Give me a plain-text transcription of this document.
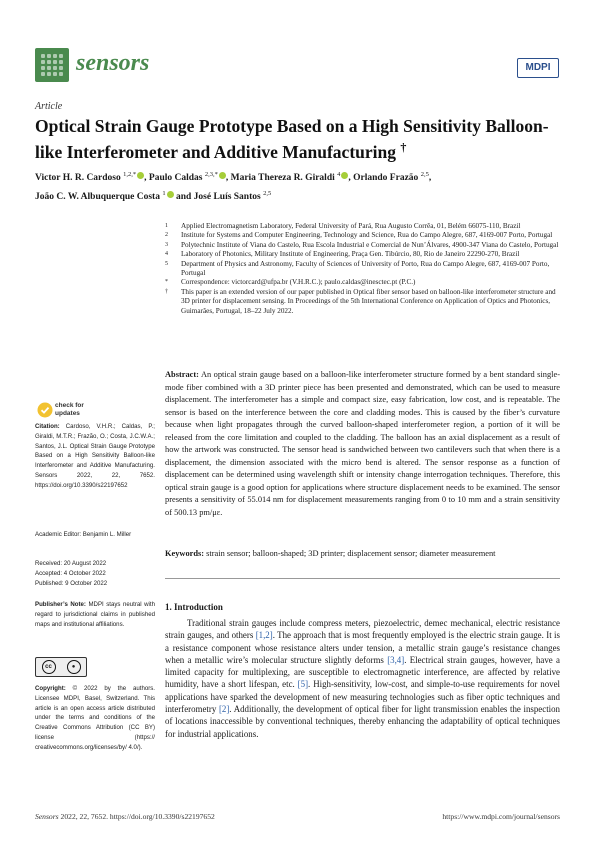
sensors	MDPI
Article
Optical Strain Gauge Prototype Based on a High Sensitivity Balloon-like Interferometer and Additive Manufacturing †
Victor H. R. Cardoso $^{1,2,*}$ , Paulo Caldas $^{2,3,*}$ , Maria Thereza R. Giraldi $^4$ , Orlando Frazão $^{2,5}$,
João C. W. Albuquerque Costa $^1$ and José Luís Santos $^{2,5}$
1	Applied Electromagnetism Laboratory, Federal University of Pará, Rua Augusto Corrêa, 01, Belém 66075-110, Brazil
2	Institute for Systems and Computer Engineering, Technology and Science, Rua do Campo Alegre, 687, 4169-007 Porto, Portugal
3	Polytechnic Institute of Viana do Castelo, Rua Escola Industrial e Comercial de Nun’Álvares, 4900-347 Viana do Castelo, Portugal
4	Laboratory of Photonics, Military Institute of Engineering, Praça Gen. Tibúrcio, 80, Rio de Janeiro 22290-270, Brazil
5	Department of Physics and Astronomy, Faculty of Sciences of University of Porto, Rua do Campo Alegre, 687, 4169-007 Porto, Portugal
*	Correspondence: victorcard@ufpa.br (V.H.R.C.); paulo.caldas@inesctec.pt (P.C.)
†	This paper is an extended version of our paper published in Optical fiber sensor based on balloon-like interferometer structure and 3D printer for displacement sensing. In Proceedings of the 5th International Conference on Application of Optics and Photonics, Guimarães, Portugal, 18–22 July 2022.
Abstract: An optical strain gauge based on a balloon-like interferometer structure formed by a bent standard single-mode fiber combined with a 3D printer piece has been presented and demonstrated, which can be used to measure displacement. The interferometer has a simple and compact size, easy fabrication, low cost, and is repeatable. The sensor is based on the interference between the core and cladding modes. This is caused by the fiber’s curvature because when light propagates through the curved balloon-shaped interferometer region, a portion of it will be released from the core limitation and coupled to the cladding. The balloon has an axial displacement as a result of how the artwork was constructed. The sensor head is sandwiched between two cantilevers such that when there is a displacement, the dimension associated with the micro bend is altered. The sensor response as a function of displacement can be determined using wavelength shift or intensity change interrogation techniques. Therefore, this optical strain gauge is a good option for applications where structure displacement needs to be examined. The sensor presents a sensitivity of 55.014 nm for displacement measurements ranging from 0 to 10 mm and a strain sensitivity of 500.13 pm/με.
Keywords: strain sensor; balloon-shaped; 3D printer; displacement sensor; diameter measurement
1. Introduction
Traditional strain gauges include compress meters, piezoelectric, demec mechanical, electric resistance strain gauges, and others [1,2]. The approach that is most frequently employed is the electric strain gauge. It is a resistance component whose resistance alters under tension, a metallic strain gauge’s resistance changes when a metallic wire’s molecular structure slightly deforms [3,4]. Electrical strain gauges, however, have a limited capacity for multiplexing, are susceptible to electromagnetic interference, are affected by relative humidity, have a short lifespan, etc. [5]. High-sensitivity, low-cost, and simple-to-use requirements for novel applications have sparked the development of new measuring technologies such as fiber optic techniques and interferometry [2]. Additionally, the development of optical fiber for light transmission enables the inspection of locations inaccessible by conventional techniques, thereby enhancing the adaptability of optical techniques for industrial applications.
check for
updates
Citation: Cardoso, V.H.R.; Caldas, P.; Giraldi, M.T.R.; Frazão, O.; Costa, J.C.W.A.; Santos, J.L. Optical Strain Gauge Prototype Based on a High Sensitivity Balloon-like Interferometer and Additive Manufacturing. Sensors 2022, 22, 7652. https://doi.org/10.3390/s22197652
Academic Editor: Benjamin L. Miller
Received: 20 August 2022
Accepted: 4 October 2022
Published: 9 October 2022
Publisher’s Note: MDPI stays neutral with regard to jurisdictional claims in published maps and institutional affiliations.
cc	●
Copyright: © 2022 by the authors. Licensee MDPI, Basel, Switzerland. This article is an open access article distributed under the terms and conditions of the Creative Commons Attribution (CC BY) license (https:// creativecommons.org/licenses/by/ 4.0/).
Sensors 2022, 22, 7652. https://doi.org/10.3390/s22197652	https://www.mdpi.com/journal/sensors
